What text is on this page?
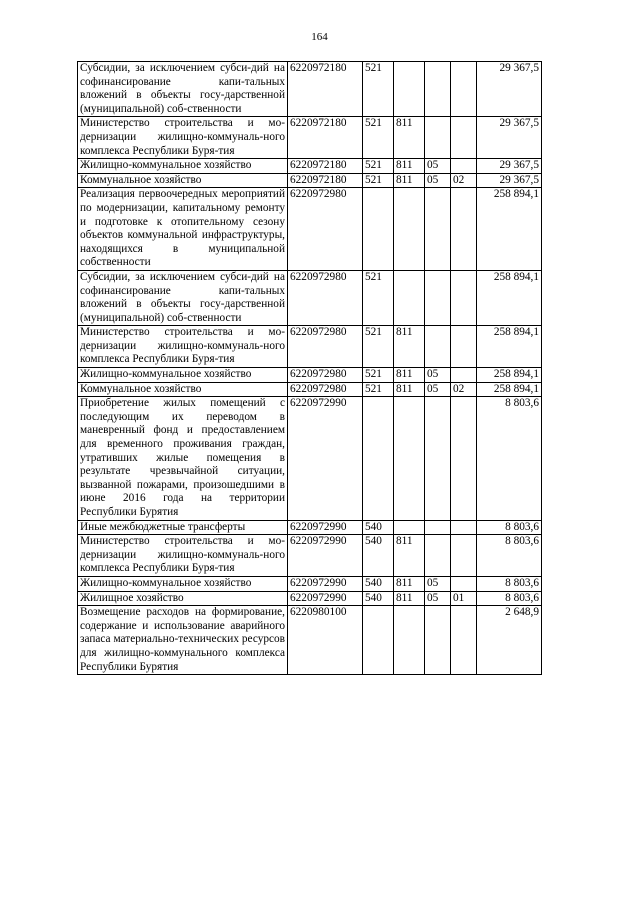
164
Субсидии, за исключением субси-дий на софинансирование капи-тальных вложений в объекты госу-дарственной (муниципальной) соб-ственности	6220972180	521				29 367,5
Министерство строительства и мо-дернизации жилищно-коммуналь-ного комплекса Республики Буря-тия	6220972180	521	811			29 367,5
Жилищно-коммунальное хозяйство	6220972180	521	811	05		29 367,5
Коммунальное хозяйство	6220972180	521	811	05	02	29 367,5
Реализация первоочередных мероприятий по модернизации, капитальному ремонту и подготовке к отопительному сезону объектов коммунальной инфраструктуры, находящихся в муниципальной собственности	6220972980					258 894,1
Субсидии, за исключением субси-дий на софинансирование капи-тальных вложений в объекты госу-дарственной (муниципальной) соб-ственности	6220972980	521				258 894,1
Министерство строительства и мо-дернизации жилищно-коммуналь-ного комплекса Республики Буря-тия	6220972980	521	811			258 894,1
Жилищно-коммунальное хозяйство	6220972980	521	811	05		258 894,1
Коммунальное хозяйство	6220972980	521	811	05	02	258 894,1
Приобретение жилых помещений с последующим их переводом в маневренный фонд и предоставлением для временного проживания граждан, утративших жилые помещения в результате чрезвычайной ситуации, вызванной пожарами, произошедшими в июне 2016 года на территории Республики Бурятия	6220972990					8 803,6
Иные межбюджетные трансферты	6220972990	540				8 803,6
Министерство строительства и мо-дернизации жилищно-коммуналь-ного комплекса Республики Буря-тия	6220972990	540	811			8 803,6
Жилищно-коммунальное хозяйство	6220972990	540	811	05		8 803,6
Жилищное хозяйство	6220972990	540	811	05	01	8 803,6
Возмещение расходов на формирование, содержание и использование аварийного запаса материально-технических ресурсов для жилищно-коммунального комплекса Республики Бурятия	6220980100					2 648,9
